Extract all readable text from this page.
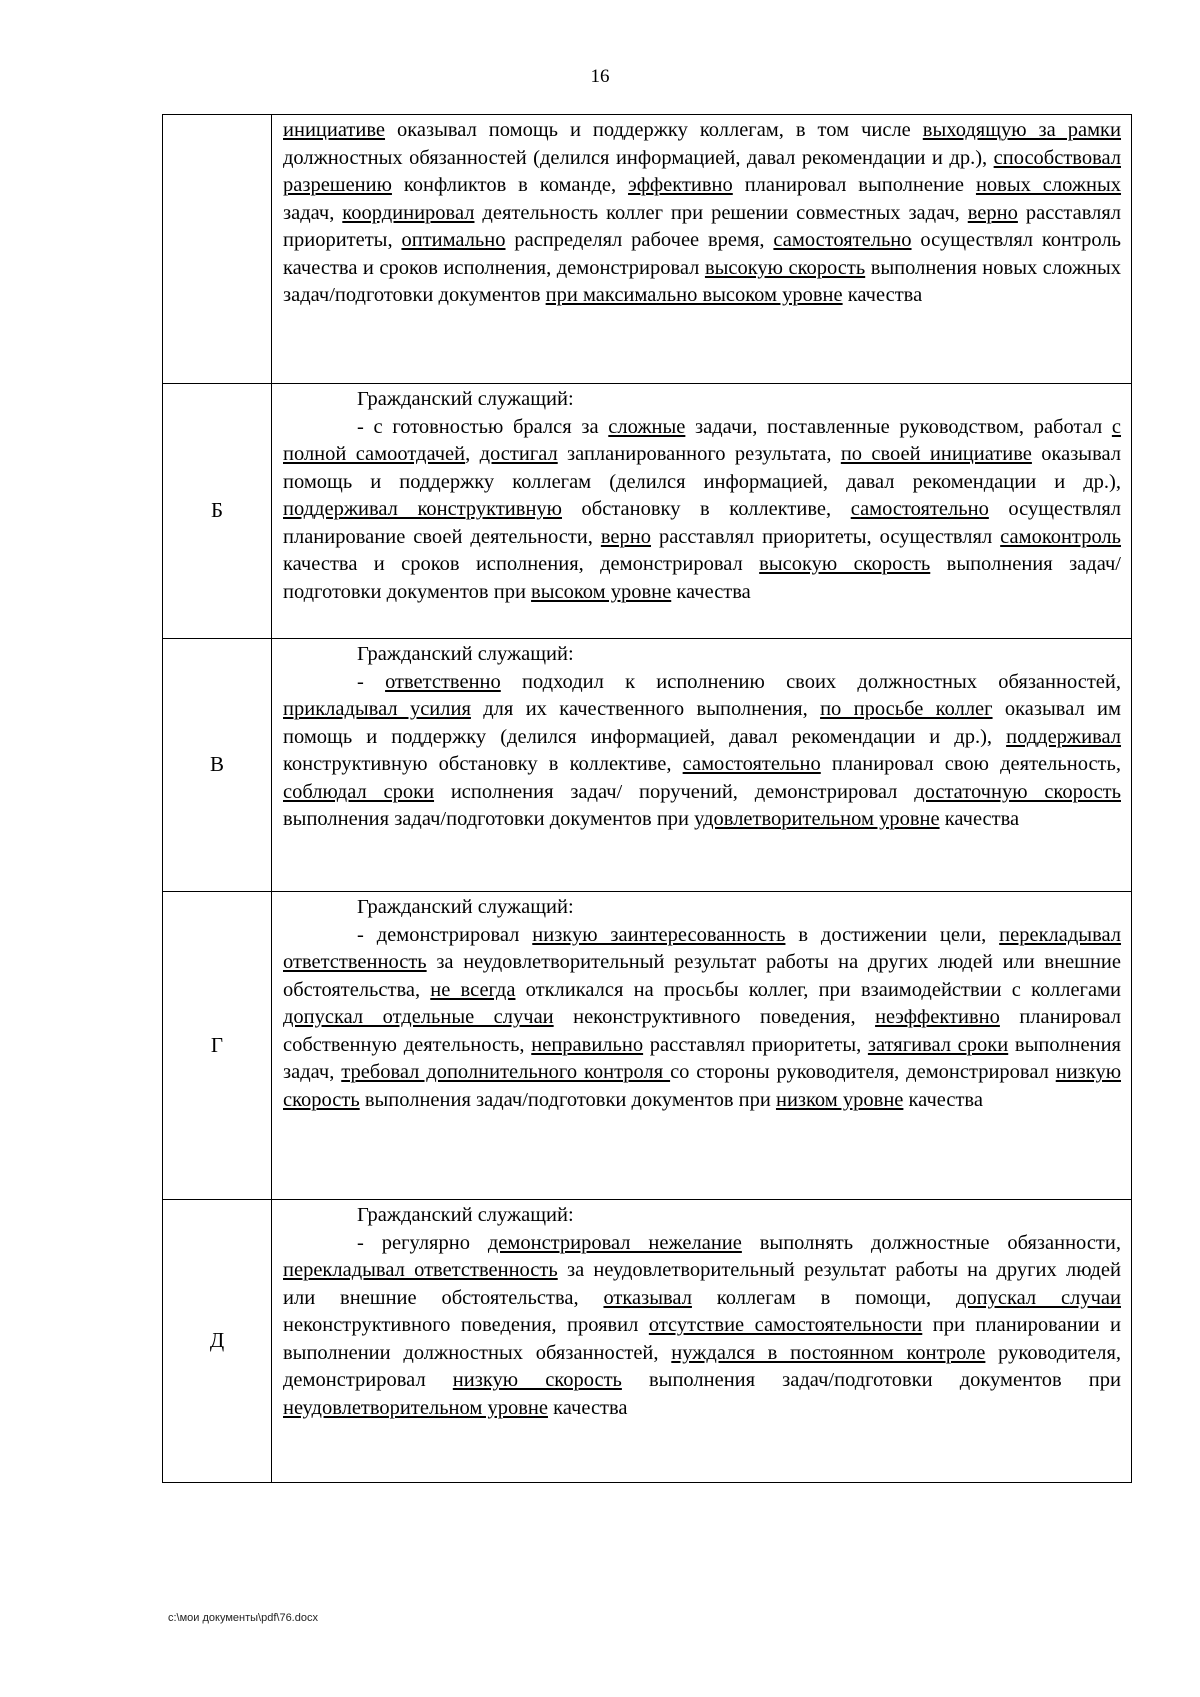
16

	инициативе оказывал помощь и поддержку коллегам, в том числе выходящую за рамки должностных обязанностей (делился информацией, давал рекомендации и др.), способствовал разрешению конфликтов в команде, эффективно планировал выполнение новых сложных задач, координировал деятельность коллег при решении совместных задач, верно расставлял приоритеты, оптимально распределял рабочее время, самостоятельно осуществлял контроль качества и сроков исполнения, демонстрировал высокую скорость выполнения новых сложных задач/подготовки документов при максимально высоком уровне качества

Б	Гражданский служащий:

- с готовностью брался за сложные задачи, поставленные руководством, работал с полной самоотдачей, достигал запланированного результата, по своей инициативе оказывал помощь и поддержку коллегам (делился информацией, давал рекомендации и др.), поддерживал конструктивную обстановку в коллективе, самостоятельно осуществлял планирование своей деятельности, верно расставлял приоритеты, осуществлял самоконтроль качества и сроков исполнения, демонстрировал высокую скорость выполнения задач/подготовки документов при высоком уровне качества

В	Гражданский служащий:

- ответственно подходил к исполнению своих должностных обязанностей, прикладывал усилия для их качественного выполнения, по просьбе коллег оказывал им помощь и поддержку (делился информацией, давал рекомендации и др.), поддерживал конструктивную обстановку в коллективе, самостоятельно планировал свою деятельность, соблюдал сроки исполнения задач/ поручений, демонстрировал достаточную скорость выполнения задач/подготовки документов при удовлетворительном уровне качества

Г	Гражданский служащий:

- демонстрировал низкую заинтересованность в достижении цели, перекладывал ответственность за неудовлетворительный результат работы на других людей или внешние обстоятельства, не всегда откликался на просьбы коллег, при взаимодействии с коллегами допускал отдельные случаи неконструктивного поведения, неэффективно планировал собственную деятельность, неправильно расставлял приоритеты, затягивал сроки выполнения задач, требовал дополнительного контроля со стороны руководителя, демонстрировал низкую скорость выполнения задач/подготовки документов при низком уровне качества

Д	Гражданский служащий:

- регулярно демонстрировал нежелание выполнять должностные обязанности, перекладывал ответственность за неудовлетворительный результат работы на других людей или внешние обстоятельства, отказывал коллегам в помощи, допускал случаи неконструктивного поведения, проявил отсутствие самостоятельности при планировании и выполнении должностных обязанностей, нуждался в постоянном контроле руководителя, демонстрировал низкую скорость выполнения задач/подготовки документов при неудовлетворительном уровне качества

c:\мои документы\pdf\76.docx
